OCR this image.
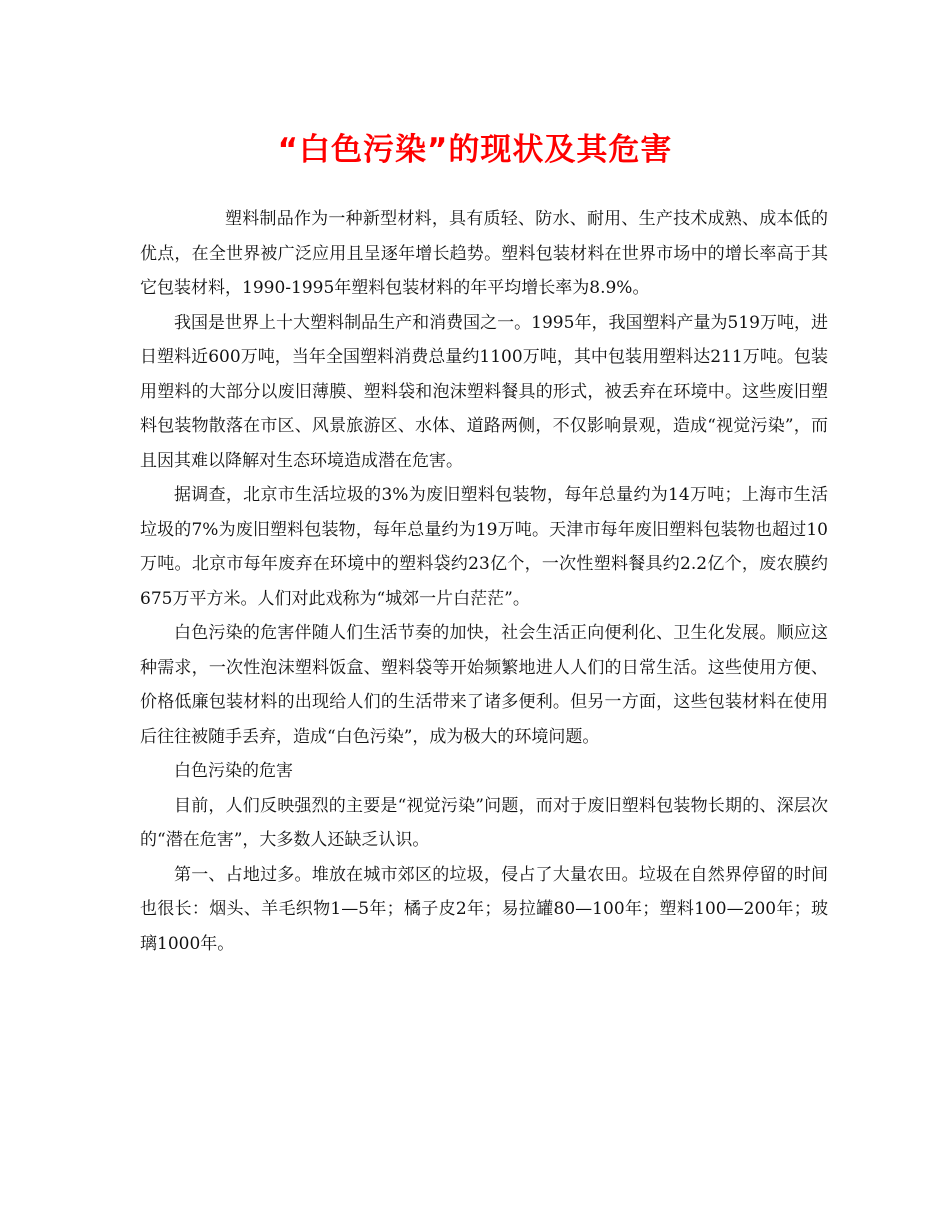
“白色污染”的现状及其危害

塑料制品作为一种新型材料，具有质轻、防水、耐用、生产技术成熟、成本低的优点，在全世界被广泛应用且呈逐年增长趋势。塑料包装材料在世界市场中的增长率高于其它包装材料，1990-1995年塑料包装材料的年平均增长率为8.9%。

我国是世界上十大塑料制品生产和消费国之一。1995年，我国塑料产量为519万吨，进日塑料近600万吨，当年全国塑料消费总量约1100万吨，其中包装用塑料达211万吨。包装用塑料的大部分以废旧薄膜、塑料袋和泡沫塑料餐具的形式，被丢弃在环境中。这些废旧塑料包装物散落在市区、风景旅游区、水体、道路两侧，不仅影响景观，造成“视觉污染”，而且因其难以降解对生态环境造成潜在危害。

据调查，北京市生活垃圾的3%为废旧塑料包装物，每年总量约为14万吨；上海市生活垃圾的7%为废旧塑料包装物，每年总量约为19万吨。天津市每年废旧塑料包装物也超过10万吨。北京市每年废弃在环境中的塑料袋约23亿个，一次性塑料餐具约2.2亿个，废农膜约675万平方米。人们对此戏称为“城郊一片白茫茫”。

白色污染的危害伴随人们生活节奏的加快，社会生活正向便利化、卫生化发展。顺应这种需求，一次性泡沫塑料饭盒、塑料袋等开始频繁地进人人们的日常生活。这些使用方便、价格低廉包装材料的出现给人们的生活带来了诸多便利。但另一方面，这些包装材料在使用后往往被随手丢弃，造成“白色污染”，成为极大的环境问题。

白色污染的危害

目前，人们反映强烈的主要是“视觉污染”问题，而对于废旧塑料包装物长期的、深层次的“潜在危害”，大多数人还缺乏认识。

第一、占地过多。堆放在城市郊区的垃圾，侵占了大量农田。垃圾在自然界停留的时间也很长：烟头、羊毛织物1—5年；橘子皮2年；易拉罐80—100年；塑料100—200年；玻璃1000年。
